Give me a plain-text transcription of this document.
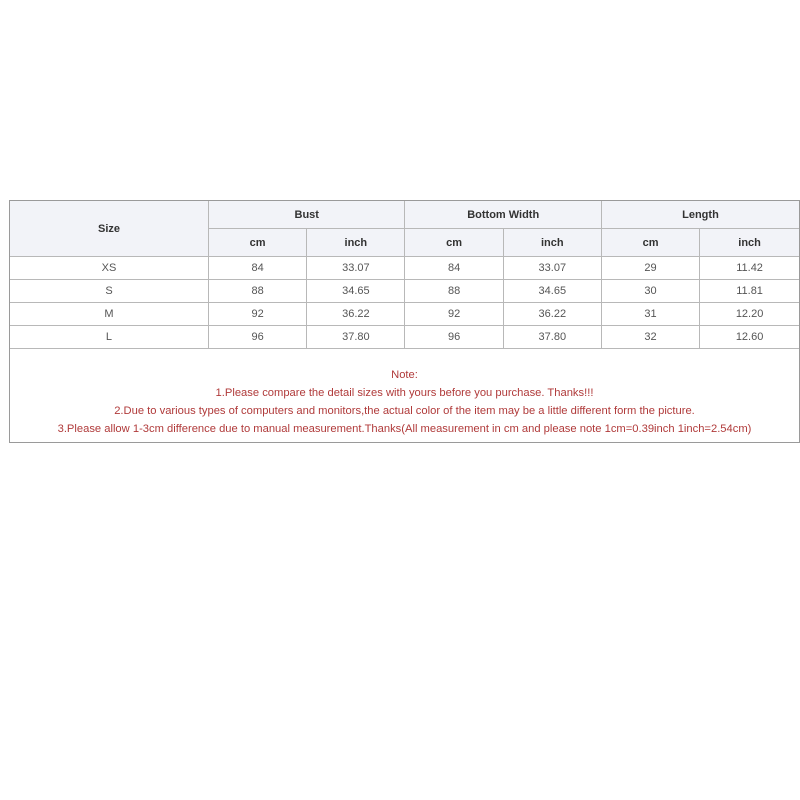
Size	Bust		Bottom Width		Length	
	cm	inch	cm	inch	cm	inch
XS	84	33.07	84	33.07	29	11.42
S	88	34.65	88	34.65	30	11.81
M	92	36.22	92	36.22	31	12.20
L	96	37.80	96	37.80	32	12.60
Note:
1.Please compare the detail sizes with yours before you purchase. Thanks!!!
2.Due to various types of computers and monitors,the actual color of the item may be a little different form the picture.
3.Please allow 1-3cm difference due to manual measurement.Thanks(All measurement in cm and please note 1cm=0.39inch 1inch=2.54cm)
